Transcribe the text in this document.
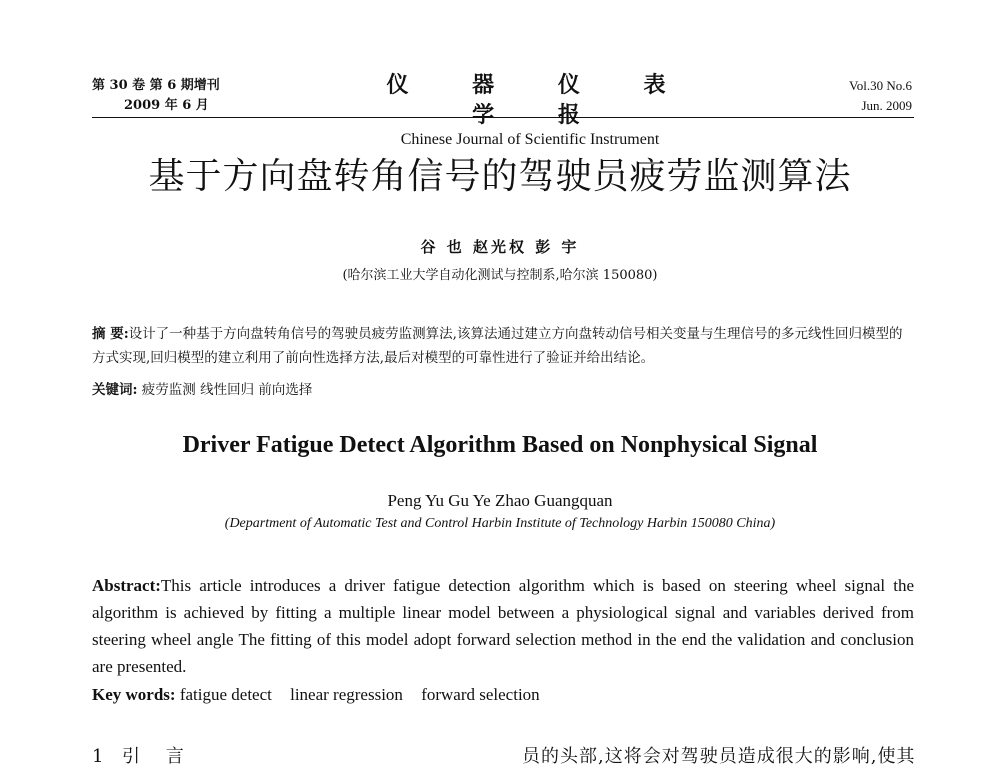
第 30 卷 第 6 期增刊
2009 年 6 月
仪 器 仪 表 学 报
Chinese Journal of Scientific Instrument
Vol.30 No.6
Jun. 2009
基于方向盘转角信号的驾驶员疲劳监测算法
谷 也 赵光权 彭 宇
(哈尔滨工业大学自动化测试与控制系,哈尔滨 150080)
摘 要:设计了一种基于方向盘转角信号的驾驶员疲劳监测算法,该算法通过建立方向盘转动信号相关变量与生理信号的多元线性回归模型的方式实现,回归模型的建立利用了前向性选择方法,最后对模型的可靠性进行了验证并给出结论。
关键词: 疲劳监测 线性回归 前向选择
Driver Fatigue Detect Algorithm Based on Nonphysical Signal
Peng Yu Gu Ye Zhao Guangquan
(Department of Automatic Test and Control Harbin Institute of Technology Harbin 150080 China)
Abstract:This article introduces a driver fatigue detection algorithm which is based on steering wheel signal the algorithm is achieved by fitting a multiple linear model between a physiological signal and variables derived from steering wheel angle The fitting of this model adopt forward selection method in the end the validation and conclusion are presented.
Key words: fatigue detect linear regression forward selection
1 引 言	员的头部,这将会对驾驶员造成很大的影响,使其
